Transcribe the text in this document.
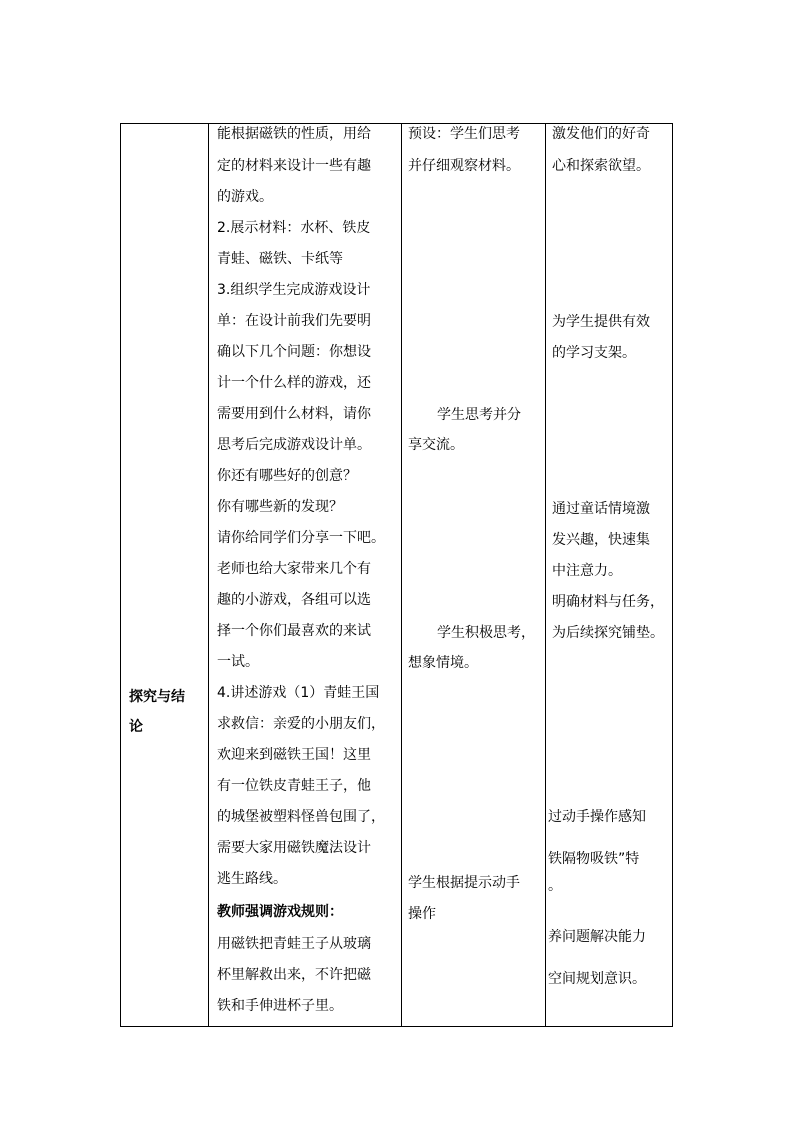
探究与结
论
能根据磁铁的性质，用给
定的材料来设计一些有趣
的游戏。
2.展示材料：水杯、铁皮
青蛙、磁铁、卡纸等
3.组织学生完成游戏设计
单：在设计前我们先要明
确以下几个问题：你想设
计一个什么样的游戏，还
需要用到什么材料，请你
思考后完成游戏设计单。
你还有哪些好的创意？
你有哪些新的发现？
请你给同学们分享一下吧。
老师也给大家带来几个有
趣的小游戏，各组可以选
择一个你们最喜欢的来试
一试。
4.讲述游戏（1）青蛙王国
求救信：亲爱的小朋友们，
欢迎来到磁铁王国！这里
有一位铁皮青蛙王子，他
的城堡被塑料怪兽包围了，
需要大家用磁铁魔法设计
逃生路线。
教师强调游戏规则：
用磁铁把青蛙王子从玻璃
杯里解救出来，不许把磁
铁和手伸进杯子里。
预设：学生们思考
并仔细观察材料。
学生思考并分
享交流。
学生积极思考，
想象情境。
学生根据提示动手
操作
激发他们的好奇
心和探索欲望。
为学生提供有效
的学习支架。
通过童话情境激
发兴趣，快速集
中注意力。
明确材料与任务，
为后续探究铺垫。
过动手操作感知
铁隔物吸铁”特
。
养问题解决能力
空间规划意识。
